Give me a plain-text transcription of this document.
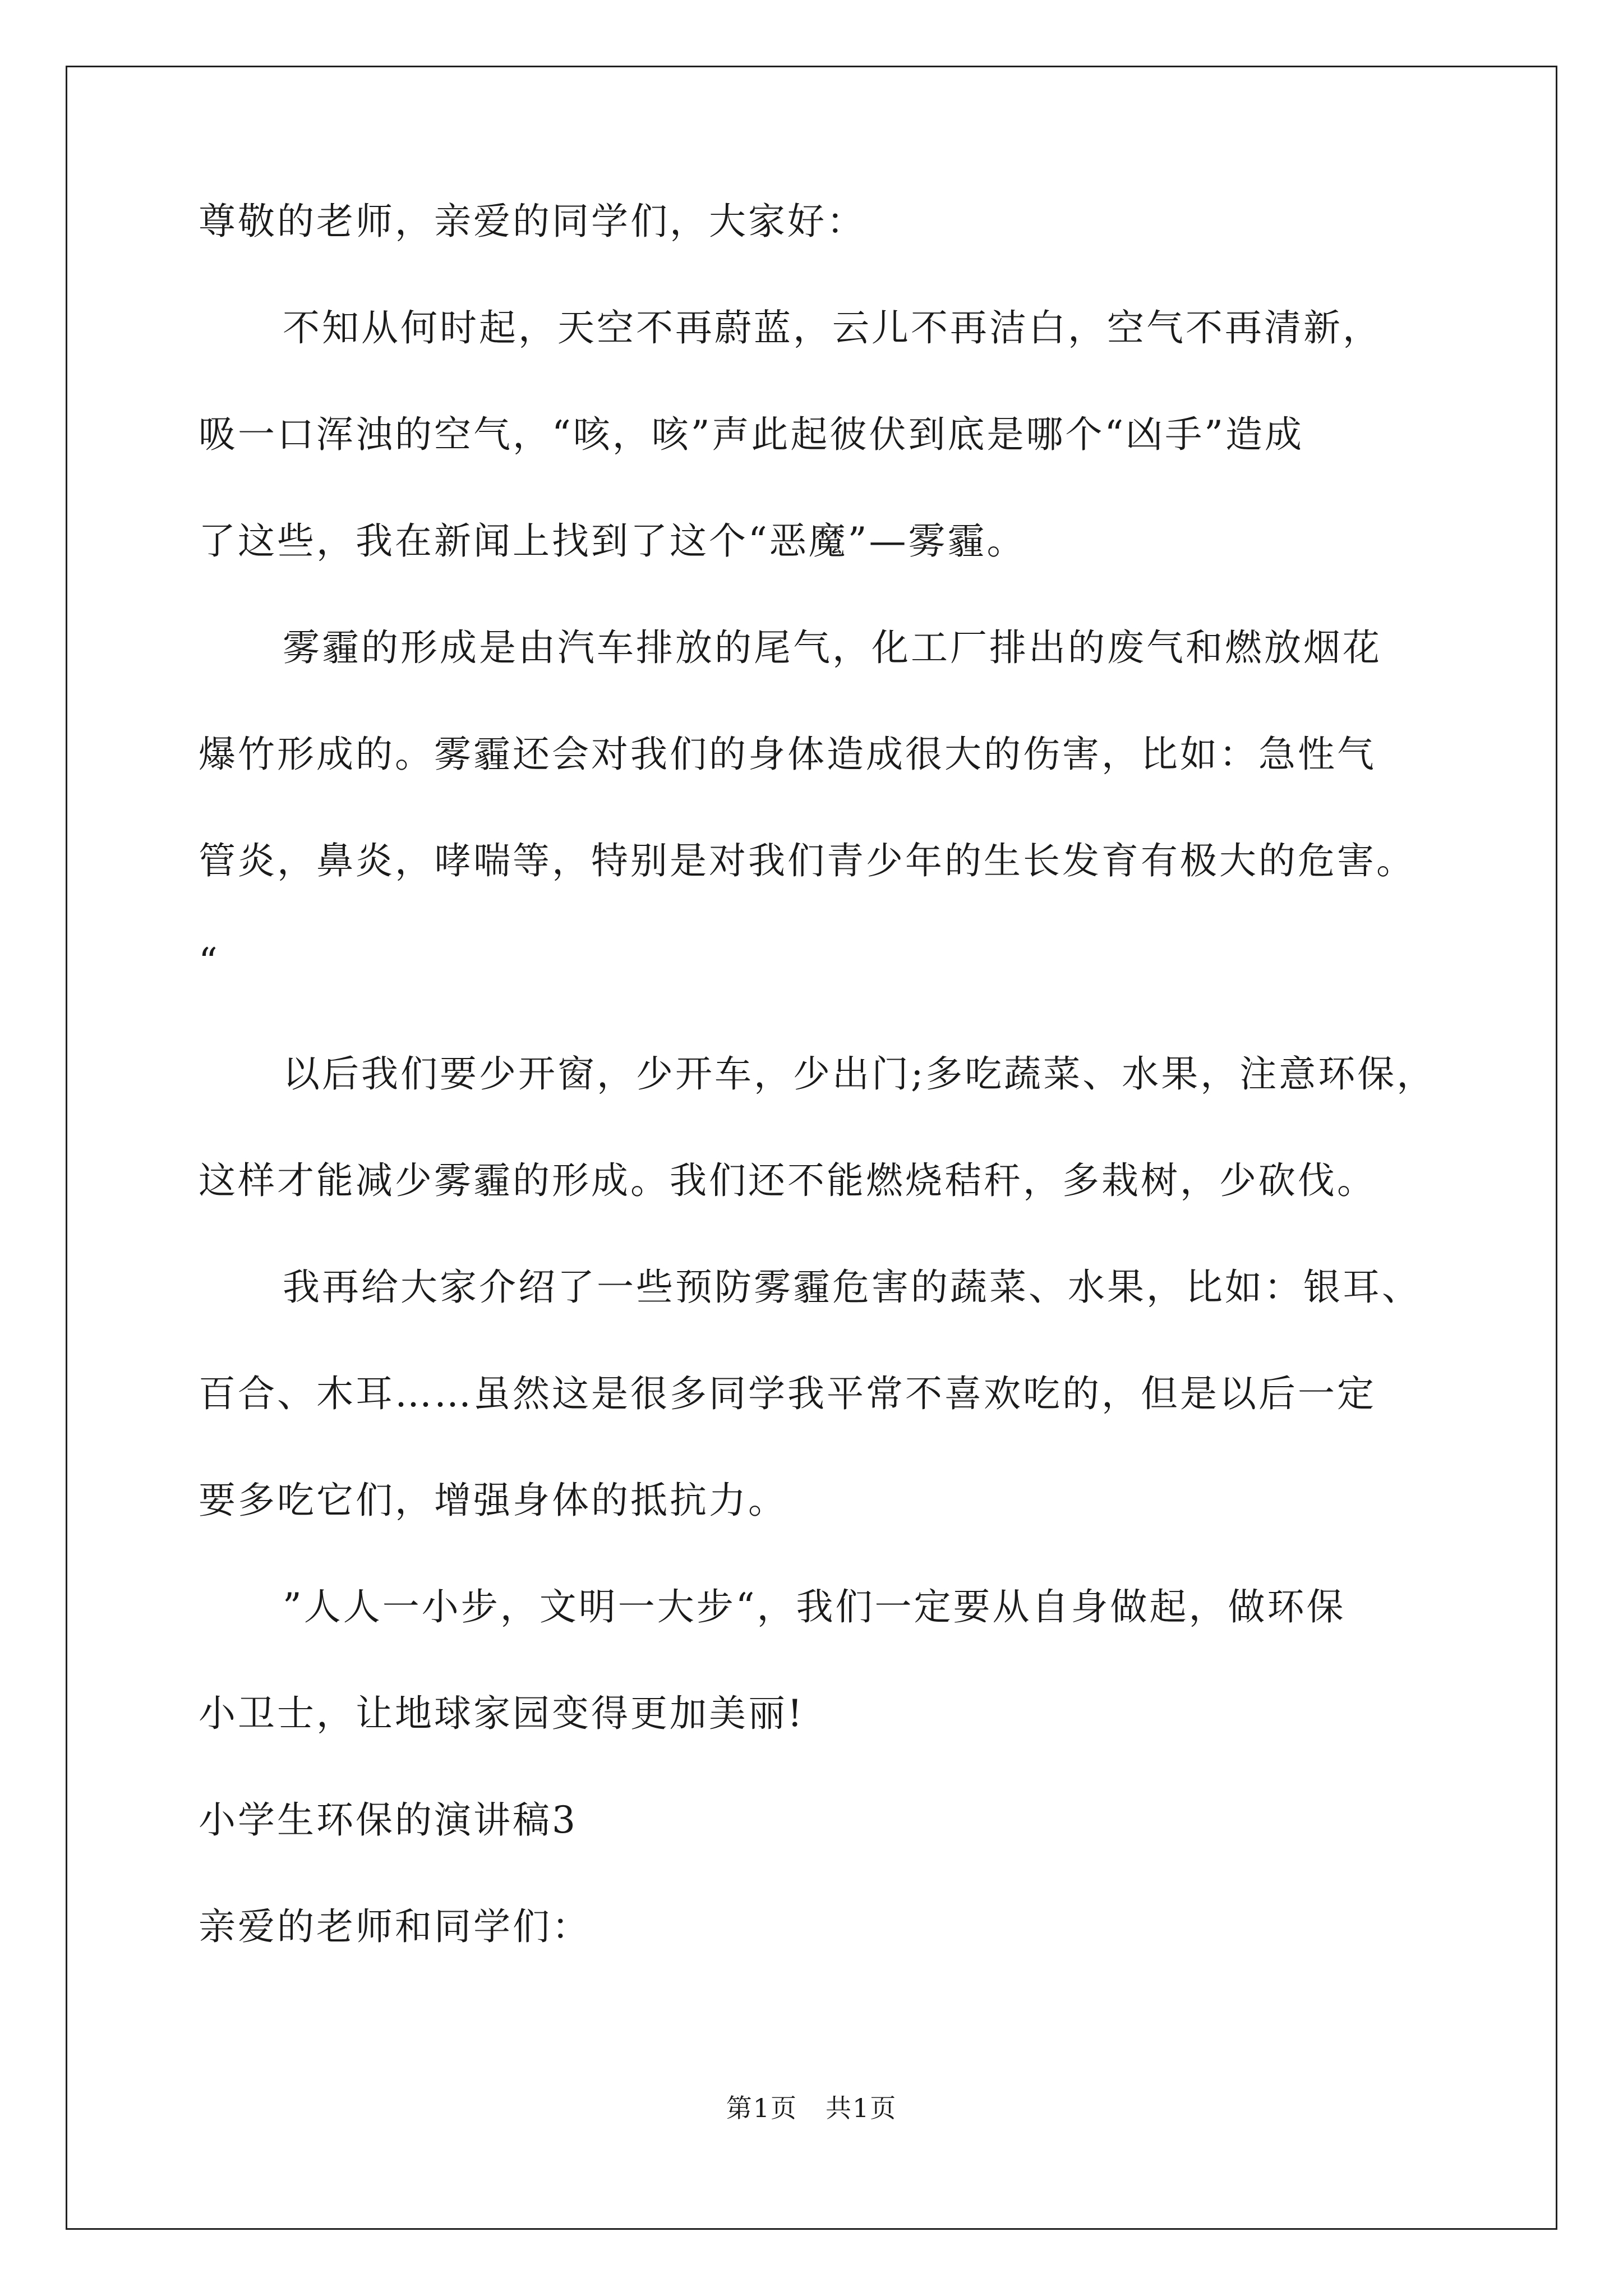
尊敬的老师，亲爱的同学们，大家好：
不知从何时起，天空不再蔚蓝，云儿不再洁白，空气不再清新，
吸一口浑浊的空气，“咳，咳”声此起彼伏到底是哪个“凶手”造成
了这些，我在新闻上找到了这个“恶魔”—雾霾。
雾霾的形成是由汽车排放的尾气，化工厂排出的废气和燃放烟花
爆竹形成的。雾霾还会对我们的身体造成很大的伤害，比如：急性气
管炎，鼻炎，哮喘等，特别是对我们青少年的生长发育有极大的危害。
“
以后我们要少开窗，少开车，少出门;多吃蔬菜、水果，注意环保，
这样才能减少雾霾的形成。我们还不能燃烧秸秆，多栽树，少砍伐。
我再给大家介绍了一些预防雾霾危害的蔬菜、水果，比如：银耳、
百合、木耳……虽然这是很多同学我平常不喜欢吃的，但是以后一定
要多吃它们，增强身体的抵抗力。
”人人一小步，文明一大步“，我们一定要从自身做起，做环保
小卫士，让地球家园变得更加美丽!
小学生环保的演讲稿3
亲爱的老师和同学们：
第1页 共1页
